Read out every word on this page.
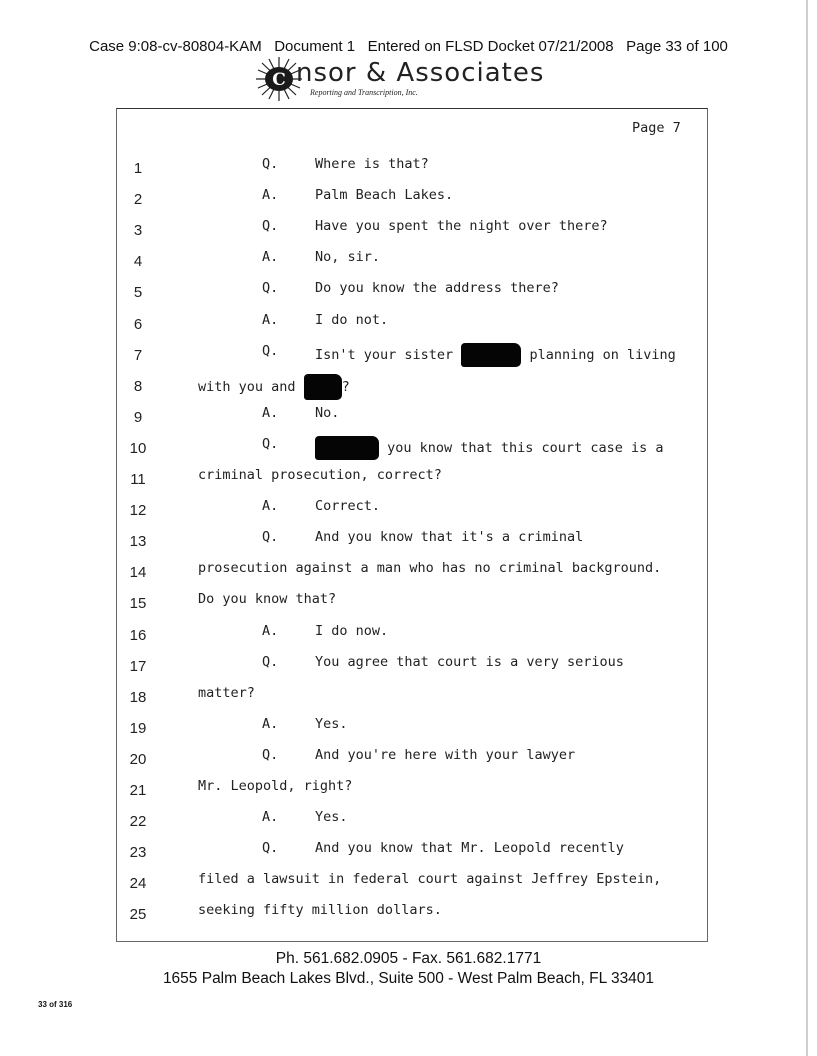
Case 9:08-cv-80804-KAM Document 1 Entered on FLSD Docket 07/21/2008 Page 33 of 100
C nsor & Associates
Reporting and Transcription, Inc.
Page 7
1	Q.	Where is that?
2	A.	Palm Beach Lakes.
3	Q.	Have you spent the night over there?
4	A.	No, sir.
5	Q.	Do you know the address there?
6	A.	I do not.
7	Q.	Isn't your sister	planning on living
8	with you and	?
9	A.	No.
10	Q.	you know that this court case is a
11	criminal prosecution, correct?
12	A.	Correct.
13	Q.	And you know that it's a criminal
14	prosecution against a man who has no criminal background.
15	Do you know that?
16	A.	I do now.
17	Q.	You agree that court is a very serious
18	matter?
19	A.	Yes.
20	Q.	And you're here with your lawyer
21	Mr. Leopold, right?
22	A.	Yes.
23	Q.	And you know that Mr. Leopold recently
24	filed a lawsuit in federal court against Jeffrey Epstein,
25	seeking fifty million dollars.
Ph. 561.682.0905 - Fax. 561.682.1771
1655 Palm Beach Lakes Blvd., Suite 500 - West Palm Beach, FL 33401
33 of 316
